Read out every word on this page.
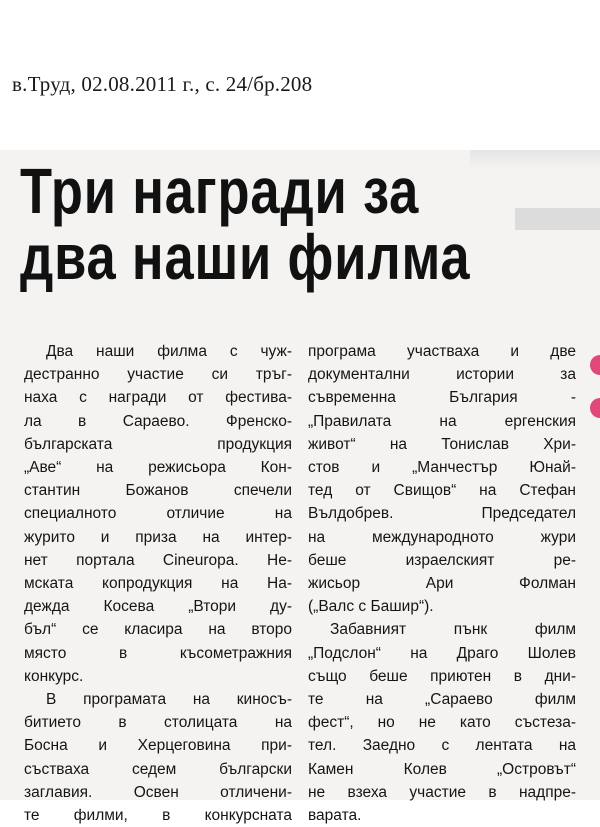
в.Труд, 02.08.2011 г., с. 24/бр.208
Три награди за
два наши филма

Два наши филма с чуж-

дестранно участие си тръг-

наха с награди от фестива-

ла в Сараево. Френско-

българската продукция

„Аве“ на режисьора Кон-

стантин Божанов спечели

специалното отличие на

журито и приза на интер-

нет портала Cineuropa. Не-

мската копродукция на На-

дежда Косева „Втори ду-

бъл“ се класира на второ

място в късометражния

конкурс.

В програмата на киносъ-

битието в столицата на

Босна и Херцеговина при-

състваха седем български

заглавия. Освен отличени-

те филми, в конкурсната

програма участваха и две

документални истории за

съвременна България -

„Правилата на ергенския

живот“ на Тонислав Хри-

стов и „Манчестър Юнай-

тед от Свищов“ на Стефан

Вълдобрев. Председател

на международното жури

беше израелският ре-

жисьор Ари Фолман

(„Валс с Башир“).

Забавният пънк филм

„Подслон“ на Драго Шолев

също беше приютен в дни-

те на „Сараево филм

фест“, но не като състеза-

тел. Заедно с лентата на

Камен Колев „Островът“

не взеха участие в надпре-

варата.
